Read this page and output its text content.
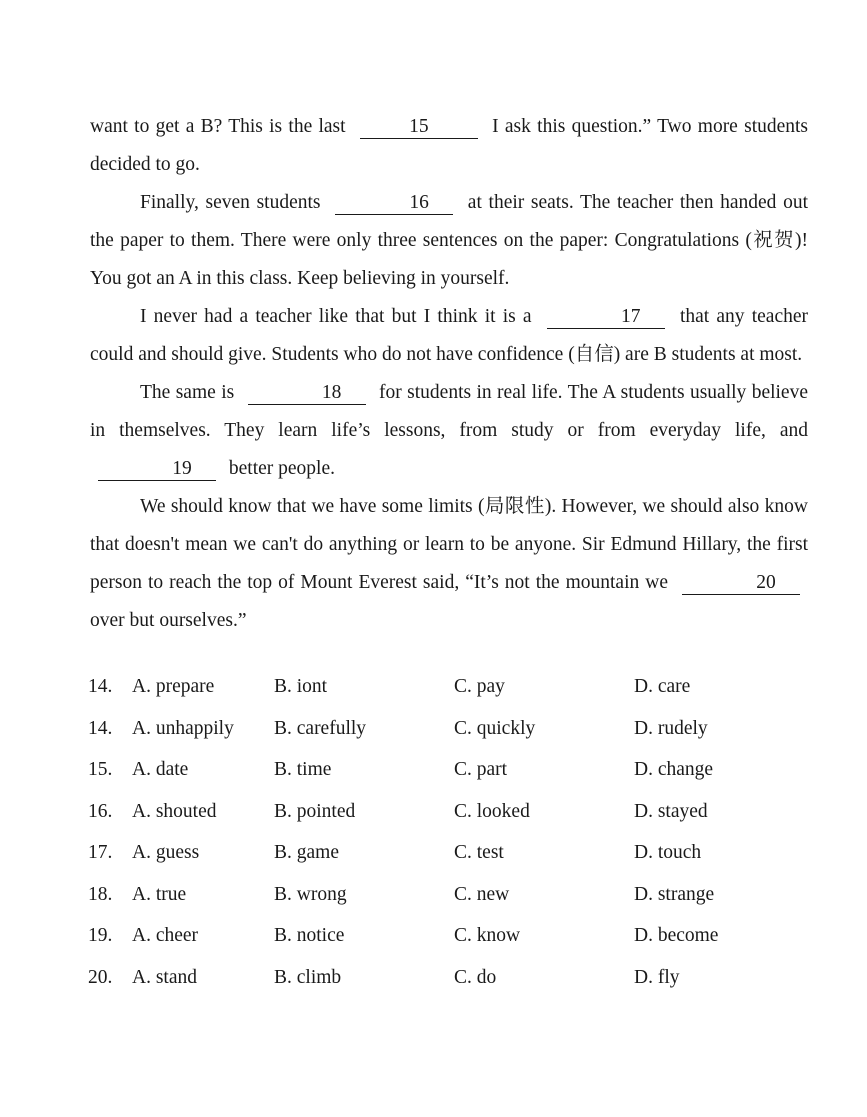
want to get a B? This is the last	15	I ask this question.” Two more students decided to go.

Finally, seven students	16 at their seats. The teacher then handed out the paper to them. There were only three sentences on the paper: Congratulations (祝贺)! You got an A in this class. Keep believing in yourself.

I never had a teacher like that but I think it is a	17 that any teacher could and should give. Students who do not have confidence (自信) are B students at most.

The same is	18 for students in real life. The A students usually believe in themselves. They learn life’s lessons, from study or from everyday life, and 19 better people.

We should know that we have some limits (局限性). However, we should also know that doesn't mean we can't do anything or learn to be anyone. Sir Edmund Hillary, the first person to reach the top of Mount Everest said, “It’s not the mountain we	20 over but ourselves.”

14. A. prepare	B. iont	C. pay	D. care
14. A. unhappily B. carefully	C. quickly	D. rudely
15. A. date	B. time	C. part	D. change
16. A. shouted	B. pointed	C. looked	D. stayed
17. A. guess	B. game	C. test	D. touch
18. A. true	B. wrong	C. new	D. strange
19. A. cheer	B. notice	C. know	D. become
20. A. stand	B. climb	C. do	D. fly
